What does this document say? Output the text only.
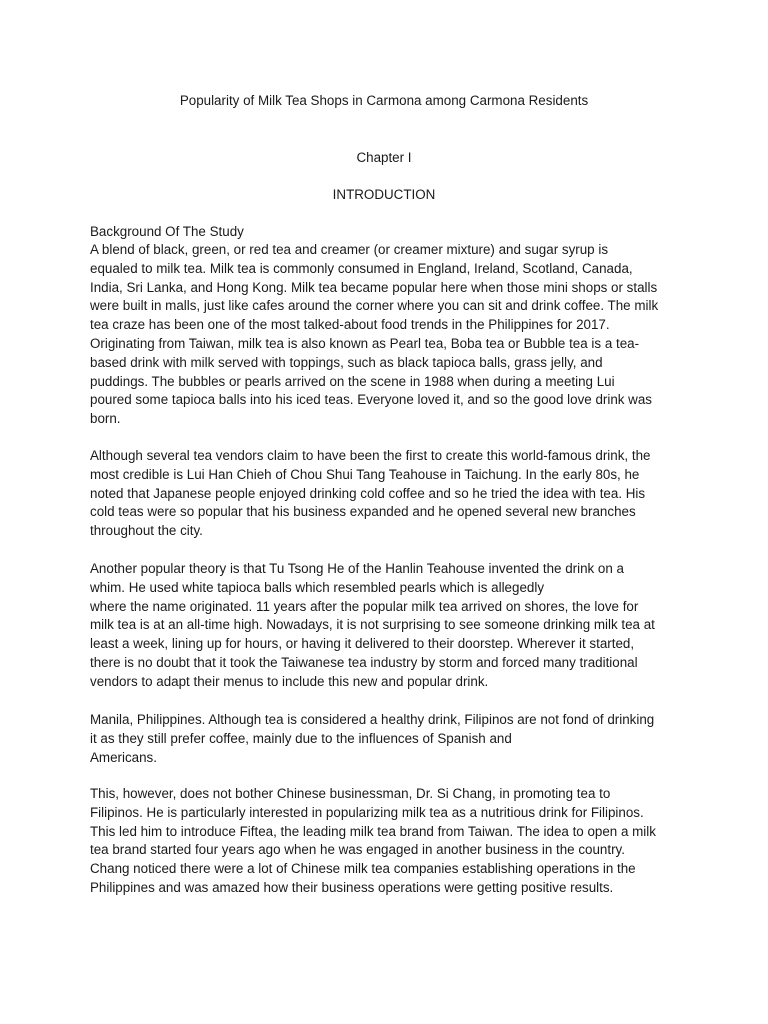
Popularity of Milk Tea Shops in Carmona among Carmona Residents
Chapter I
INTRODUCTION
Background Of The Study
A blend of black, green, or red tea and creamer (or creamer mixture) and sugar syrup is
equaled to milk tea. Milk tea is commonly consumed in England, Ireland, Scotland, Canada,
India, Sri Lanka, and Hong Kong. Milk tea became popular here when those mini shops or stalls
were built in malls, just like cafes around the corner where you can sit and drink coffee. The milk
tea craze has been one of the most talked-about food trends in the Philippines for 2017.
Originating from Taiwan, milk tea is also known as Pearl tea, Boba tea or Bubble tea is a tea-
based drink with milk served with toppings, such as black tapioca balls, grass jelly, and
puddings. The bubbles or pearls arrived on the scene in 1988 when during a meeting Lui
poured some tapioca balls into his iced teas. Everyone loved it, and so the good love drink was
born.
Although several tea vendors claim to have been the first to create this world-famous drink, the
most credible is Lui Han Chieh of Chou Shui Tang Teahouse in Taichung. In the early 80s, he
noted that Japanese people enjoyed drinking cold coffee and so he tried the idea with tea. His
cold teas were so popular that his business expanded and he opened several new branches
throughout the city.
Another popular theory is that Tu Tsong He of the Hanlin Teahouse invented the drink on a
whim. He used white tapioca balls which resembled pearls which is allegedly
where the name originated. 11 years after the popular milk tea arrived on shores, the love for
milk tea is at an all-time high. Nowadays, it is not surprising to see someone drinking milk tea at
least a week, lining up for hours, or having it delivered to their doorstep. Wherever it started,
there is no doubt that it took the Taiwanese tea industry by storm and forced many traditional
vendors to adapt their menus to include this new and popular drink.
Manila, Philippines. Although tea is considered a healthy drink, Filipinos are not fond of drinking
it as they still prefer coffee, mainly due to the influences of Spanish and
Americans.
This, however, does not bother Chinese businessman, Dr. Si Chang, in promoting tea to
Filipinos. He is particularly interested in popularizing milk tea as a nutritious drink for Filipinos.
This led him to introduce Fiftea, the leading milk tea brand from Taiwan. The idea to open a milk
tea brand started four years ago when he was engaged in another business in the country.
Chang noticed there were a lot of Chinese milk tea companies establishing operations in the
Philippines and was amazed how their business operations were getting positive results.
